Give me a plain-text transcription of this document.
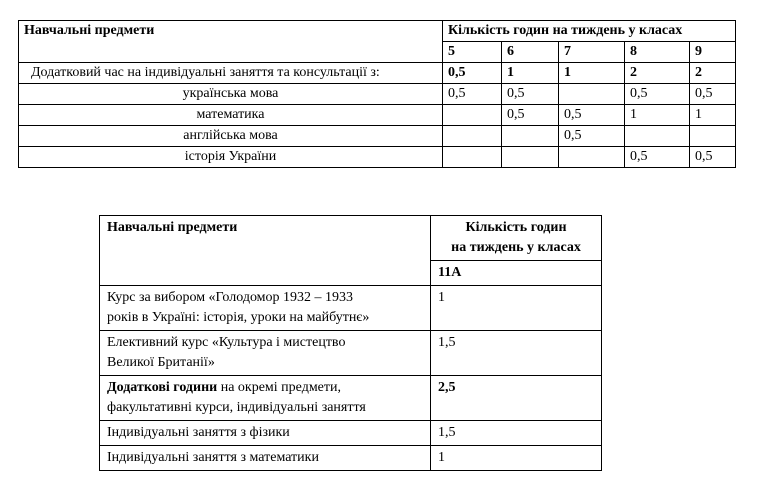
Навчальні предмети	Кількість годин на тиждень у класах				
	5	6	7	8	9
Додатковий час на індивідуальні заняття та консультації з:	0,5	1	1	2	2
українська мова	0,5	0,5		0,5	0,5
математика		0,5	0,5	1	1
англійська мова			0,5		
історія України				0,5	0,5
Навчальні предмети	Кількість годин
на тиждень у класах

	11А

Курс за вибором «Голодомор 1932 – 1933
років в Україні: історія, уроки на майбутнє»	1

Елективний курс «Культура і мистецтво
Великої Британії»	1,5

Додаткові години на окремі предмети,
факультативні курси, індивідуальні заняття	2,5
Індивідуальні заняття з фізики	1,5
Індивідуальні заняття з математики	1
